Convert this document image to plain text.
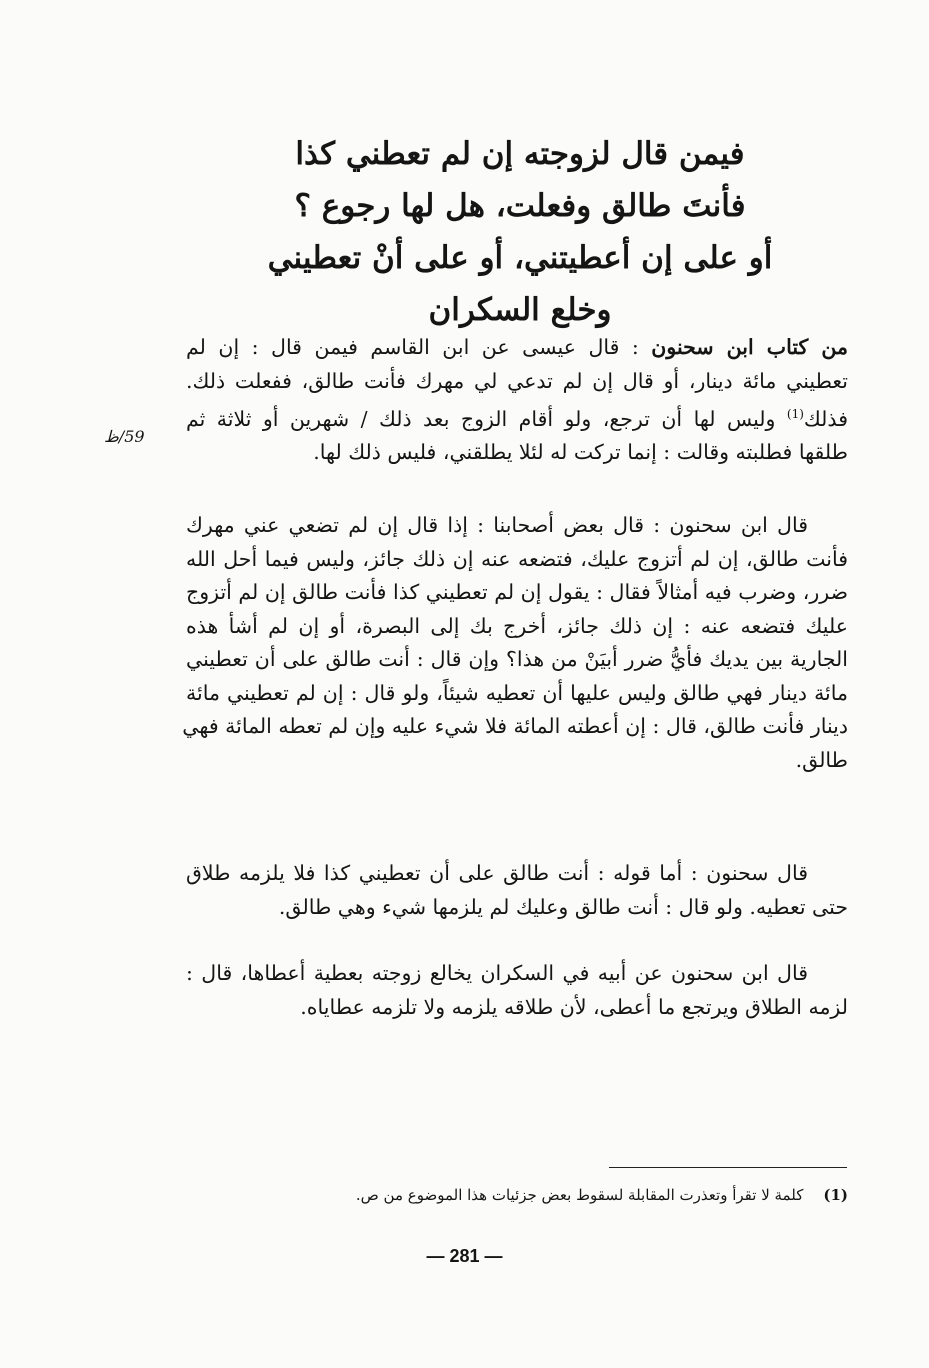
فيمن قال لزوجته إن لم تعطني كذا
فأنتَ طالق وفعلت، هل لها رجوع ؟
أو على إن أعطيتني، أو على أنْ تعطيني
وخلع السكران
من كتاب ابن سحنون : قال عيسى عن ابن القاسم فيمن قال : إن لم
تعطيني مائة دينار، أو قال إن لم تدعي لي مهرك فأنت طالق، ففعلت ذلك.
فذلك$^{(1)}$ وليس لها أن ترجع، ولو أقام الزوج بعد ذلك / شهرين أو ثلاثة ثم
طلقها فطلبته وقالت : إنما تركت له لئلا يطلقني، فليس ذلك لها.
59/ظ
قال ابن سحنون : قال بعض أصحابنا : إذا قال إن لم تضعي عني مهرك
فأنت طالق، إن لم أتزوج عليك، فتضعه عنه إن ذلك جائز، وليس فيما أحل الله
ضرر، وضرب فيه أمثالاً فقال : يقول إن لم تعطيني كذا فأنت طالق إن لم أتزوج
عليك فتضعه عنه : إن ذلك جائز، أخرج بك إلى البصرة، أو إن لم أشأ هذه
الجارية بين يديك فأيُّ ضرر أبيَنْ من هذا؟ وإن قال : أنت طالق على أن تعطيني
مائة دينار فهي طالق وليس عليها أن تعطيه شيئاً، ولو قال : إن لم تعطيني مائة
دينار فأنت طالق، قال : إن أعطته المائة فلا شيء عليه وإن لم تعطه المائة فهي
طالق.
قال سحنون : أما قوله : أنت طالق على أن تعطيني كذا فلا يلزمه طلاق
حتى تعطيه. ولو قال : أنت طالق وعليك لم يلزمها شيء وهي طالق.
قال ابن سحنون عن أبيه في السكران يخالع زوجته بعطية أعطاها، قال :
لزمه الطلاق ويرتجع ما أعطى، لأن طلاقه يلزمه ولا تلزمه عطاياه.
(1)كلمة لا تقرأ وتعذرت المقابلة لسقوط بعض جزئيات هذا الموضوع من ص.
— 281 —
